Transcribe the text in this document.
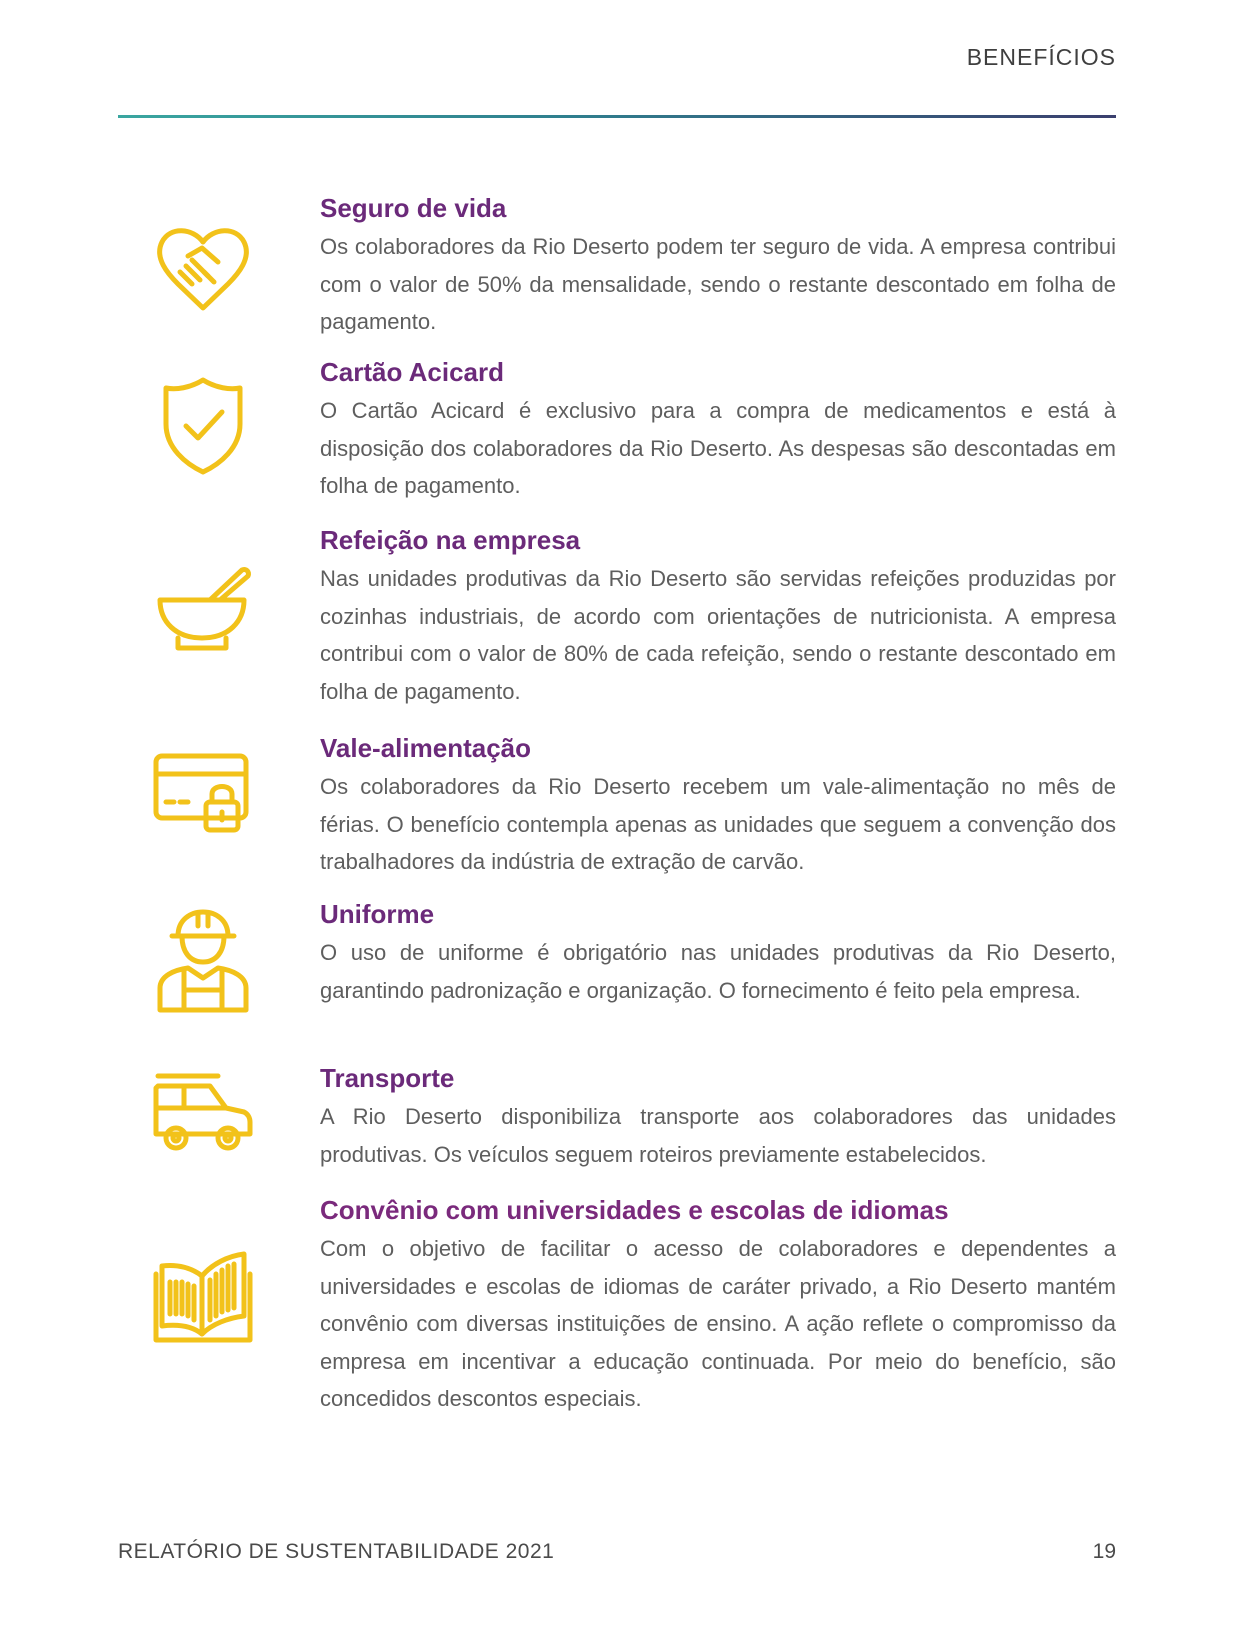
BENEFÍCIOS
Seguro de vida

Os colaboradores da Rio Deserto podem ter seguro de vida. A empresa contribui com o valor de 50% da mensalidade, sendo o restante descontado em folha de pagamento.

Cartão Acicard

O Cartão Acicard é exclusivo para a compra de medicamentos e está à disposição dos colaboradores da Rio Deserto. As despesas são descontadas em folha de pagamento.

Refeição na empresa

Nas unidades produtivas da Rio Deserto são servidas refeições produzidas por cozinhas industriais, de acordo com orientações de nutricionista. A empresa contribui com o valor de 80% de cada refeição, sendo o restante descontado em folha de pagamento.

Vale-alimentação

Os colaboradores da Rio Deserto recebem um vale-alimentação no mês de férias. O benefício contempla apenas as unidades que seguem a convenção dos trabalhadores da indústria de extração de carvão.

Uniforme

O uso de uniforme é obrigatório nas unidades produtivas da Rio Deserto, garantindo padronização e organização. O fornecimento é feito pela empresa.

Transporte

A Rio Deserto disponibiliza transporte aos colaboradores das unidades produtivas. Os veículos seguem roteiros previamente estabelecidos.

Convênio com universidades e escolas de idiomas

Com o objetivo de facilitar o acesso de colaboradores e dependentes a universidades e escolas de idiomas de caráter privado, a Rio Deserto mantém convênio com diversas instituições de ensino. A ação reflete o compromisso da empresa em incentivar a educação continuada. Por meio do benefício, são concedidos descontos especiais.

RELATÓRIO DE SUSTENTABILIDADE 2021	19
